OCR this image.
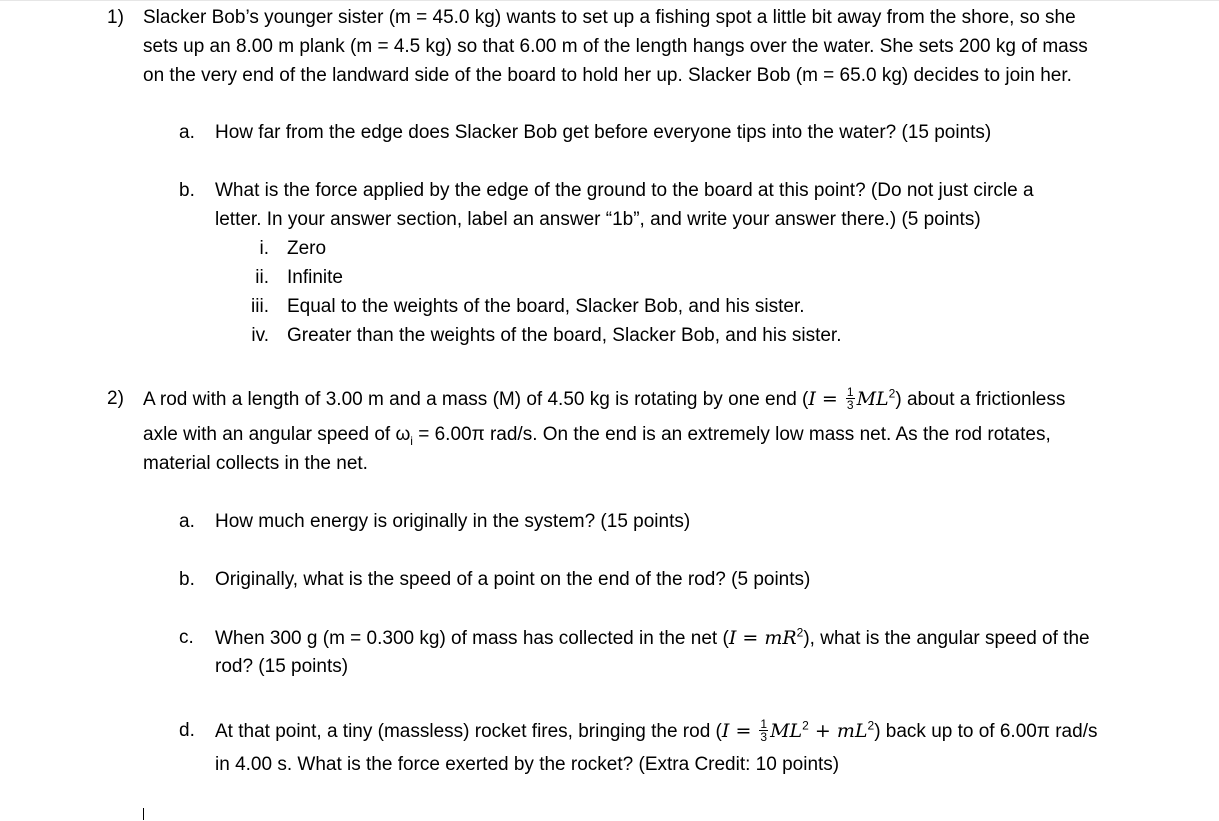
1) Slacker Bob’s younger sister (m = 45.0 kg) wants to set up a fishing spot a little bit away from the shore, so she
sets up an 8.00 m plank (m = 4.5 kg) so that 6.00 m of the length hangs over the water. She sets 200 kg of mass
on the very end of the landward side of the board to hold her up. Slacker Bob (m = 65.0 kg) decides to join her.
a. How far from the edge does Slacker Bob get before everyone tips into the water? (15 points)
b. What is the force applied by the edge of the ground to the board at this point? (Do not just circle a
letter. In your answer section, label an answer “1b”, and write your answer there.) (5 points)
i. Zero
ii. Infinite
iii. Equal to the weights of the board, Slacker Bob, and his sister.
iv. Greater than the weights of the board, Slacker Bob, and his sister.
2) A rod with a length of 3.00 m and a mass (M) of 4.50 kg is rotating by one end $(I = \frac{1}{3} ML^2)$ about a frictionless
axle with an angular speed of $\omega_i = 6.00\pi$ rad/s. On the end is an extremely low mass net. As the rod rotates,
material collects in the net.
a. How much energy is originally in the system? (15 points)
b. Originally, what is the speed of a point on the end of the rod? (5 points)
c. When 300 g (m = 0.300 kg) of mass has collected in the net $(I = mR^2)$, what is the angular speed of the
rod? (15 points)
d. At that point, a tiny (massless) rocket fires, bringing the rod $(I = \frac{1}{3} ML^2 + mL^2)$ back up to of 6.00π rad/s
in 4.00 s. What is the force exerted by the rocket? (Extra Credit: 10 points)
